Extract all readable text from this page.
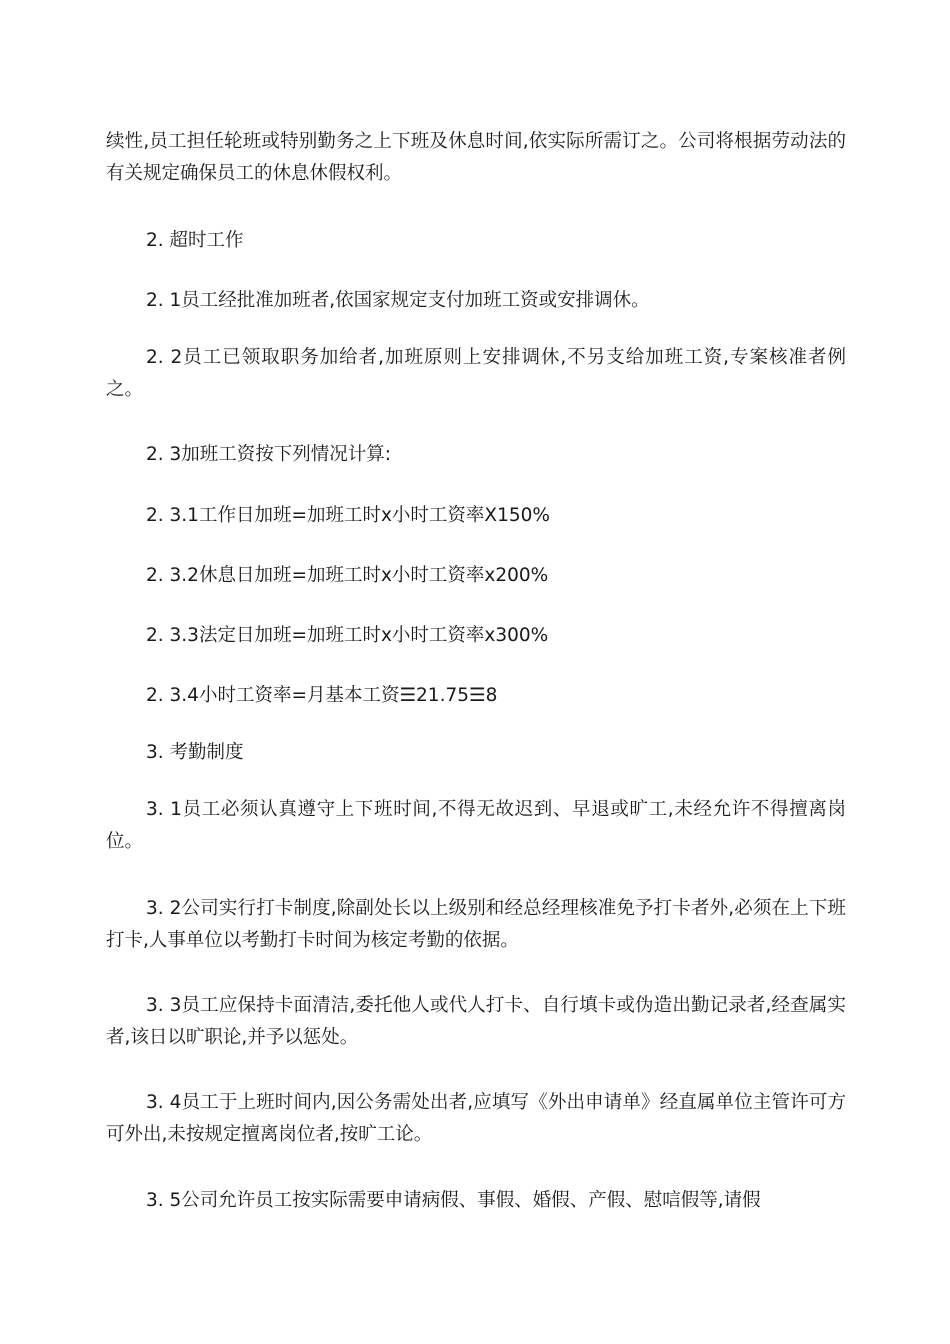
续性,员工担任轮班或特别勤务之上下班及休息时间,依实际所需订之。公司将根据劳动法的有关规定确保员工的休息休假权利。

2. 超时工作

2. 1员工经批准加班者,依国家规定支付加班工资或安排调休。

2. 2员工已领取职务加给者,加班原则上安排调休,不另支给加班工资,专案核准者例之。

2. 3加班工资按下列情况计算:

2. 3.1工作日加班=加班工时x小时工资率X150%

2. 3.2休息日加班=加班工时x小时工资率x200%

2. 3.3法定日加班=加班工时x小时工资率x300%

2. 3.4小时工资率=月基本工资☰21.75☰8

3. 考勤制度

3. 1员工必须认真遵守上下班时间,不得无故迟到、早退或旷工,未经允许不得擅离岗位。

3. 2公司实行打卡制度,除副处长以上级别和经总经理核准免予打卡者外,必须在上下班打卡,人事单位以考勤打卡时间为核定考勤的依据。

3. 3员工应保持卡面清洁,委托他人或代人打卡、自行填卡或伪造出勤记录者,经查属实者,该日以旷职论,并予以惩处。

3. 4员工于上班时间内,因公务需处出者,应填写《外出申请单》经直属单位主管许可方可外出,未按规定擅离岗位者,按旷工论。

3. 5公司允许员工按实际需要申请病假、事假、婚假、产假、慰唁假等,请假
